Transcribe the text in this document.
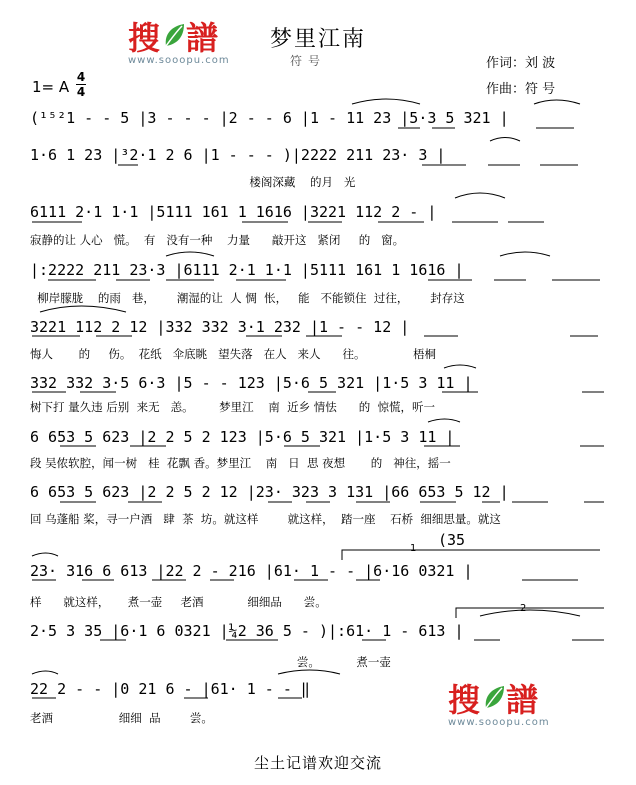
搜 譜
www.sooopu.com
梦里江南
符号	作词：刘 波
作曲：符 号
1= A
4
4
(¹⁵²1 - - 5 |3 - - - |2 - - 6 |1 - 11 23 |5·3 5 321 |
1·6 1 23 |³2·1 2 6 |1 - - - )|2222 211 23· 3 |
楼阁深藏    的月   光
6111 2·1 1·1 |5111 161 1 1616 |3221 112 2 - |
寂静的让 人心   慌。  有   没有一种    力量      敲开这   紧闭     的   窗。
|:2222 211 23·3 |6111 2·1 1·1 |5111 161 1 1616 |
柳岸朦胧    的雨   巷，      潮湿的让  人 惆  怅，   能   不能锁住  过往，      封存这
3221 112 2 12 |332 332 3·1 232 |1 - - 12 |
悔人       的     伤。  花纸   伞底眺   望失落   在人   来人      往。             梧桐
332 332 3·5 6·3 |5 - - 123 |5·6 5 321 |1·5 3 11 |
树下打 量久违 后别  来无   恙。       梦里江    南  近乡 情怯      的  惊慌，听一
6 653 5 623 |2 2 5 2 123 |5·6 5 321 |1·5 3 11 |
段 吴侬软腔，闻一树   桂  花飘 香。梦里江    南   日  思 夜想       的   神往，摇一
6 653 5 623 |2 2 5 2 12 |23· 323 3 131 |66 653 5 12 |
回 乌蓬船 桨，寻一户酒   肆  茶  坊。就这样        就这样，  踏一座    石桥  细细思量。就这
(35
23· 316 6 613 |22 2 - 216 |61· 1 - - |6·16 0321 |
样      就这样，     煮一壶     老酒            细细品      尝。
2·5 3 35 |6·1 6 0321 |¼2 36 5 - )|:61· 1 - 613 |
尝。          煮一壶
22 2 - - |0 21 6 - |61· 1 - - ‖
老酒                  细细  品        尝。
1
2
搜 譜
www.sooopu.com
尘土记谱欢迎交流
